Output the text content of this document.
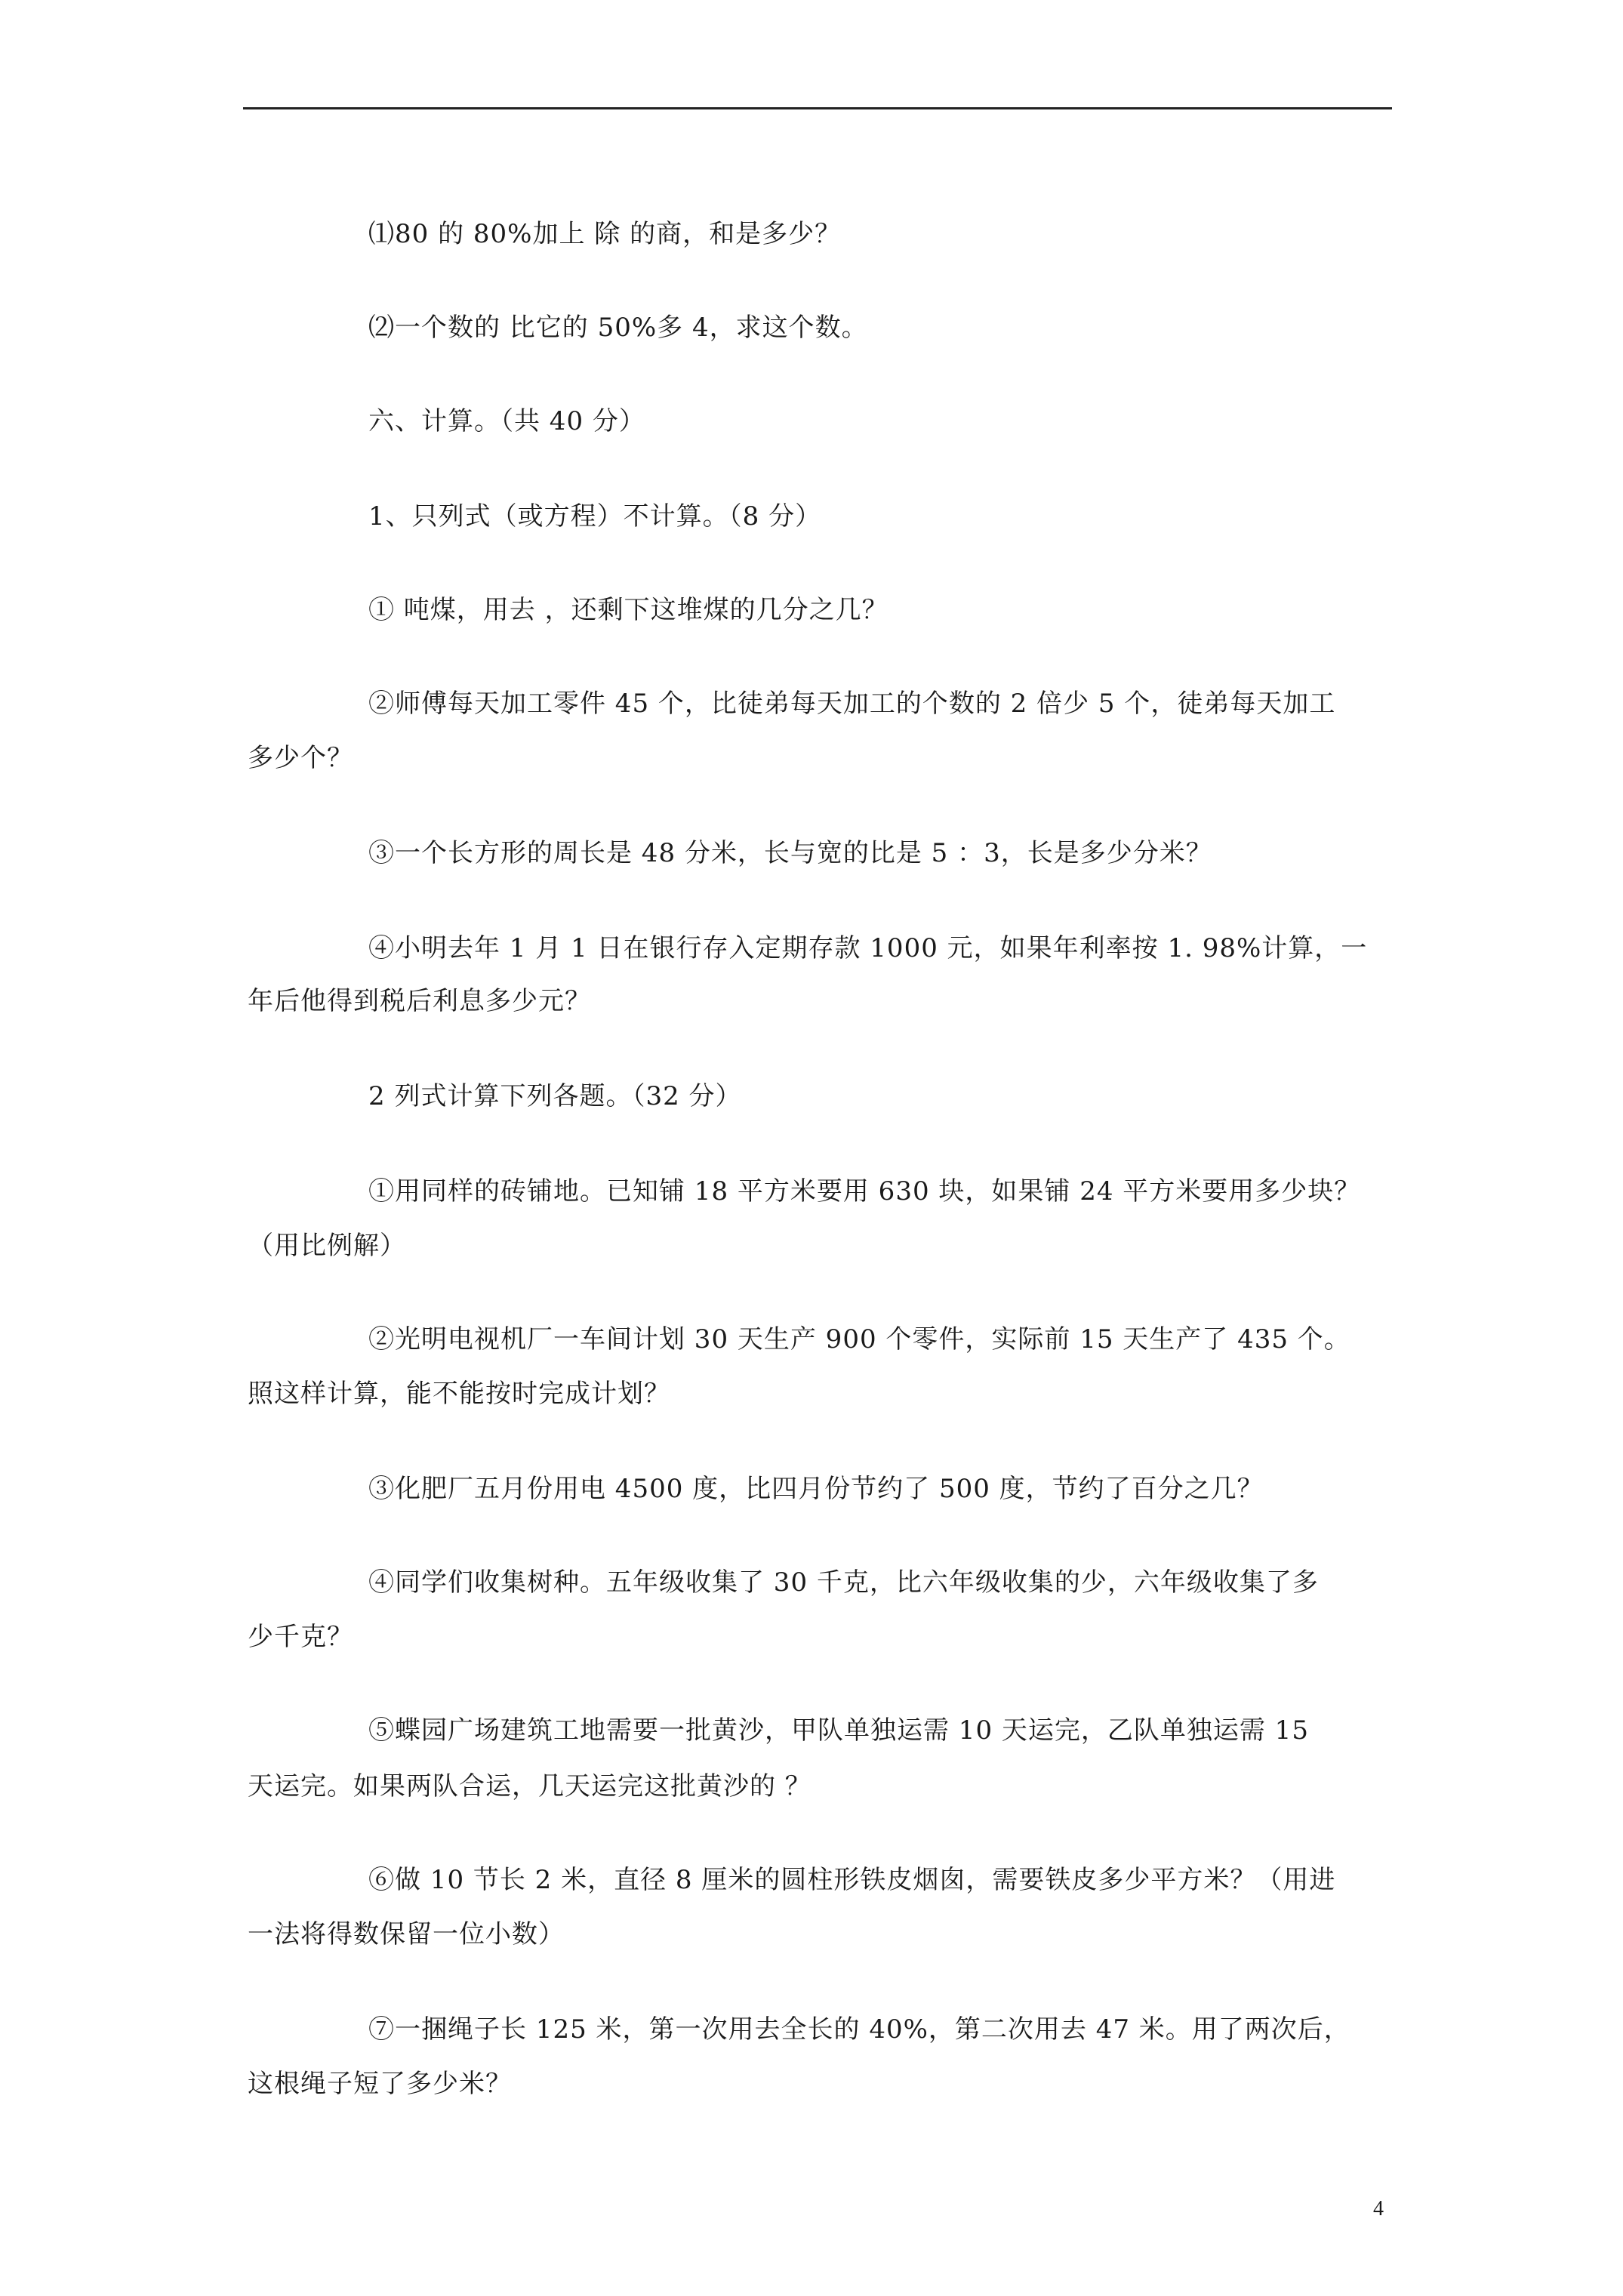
⑴80 的 80%加上 除 的商，和是多少？
⑵一个数的 比它的 50%多 4，求这个数。
六、计算。（共 40 分）
1、只列式（或方程）不计算。（8 分）
① 吨煤，用去 ，还剩下这堆煤的几分之几？
②师傅每天加工零件 45 个，比徒弟每天加工的个数的 2 倍少 5 个，徒弟每天加工
多少个？
③一个长方形的周长是 48 分米，长与宽的比是 5 ：3，长是多少分米？
④小明去年 1 月 1 日在银行存入定期存款 1000 元，如果年利率按 1. 98%计算，一
年后他得到税后利息多少元？
2 列式计算下列各题。（32 分）
①用同样的砖铺地。已知铺 18 平方米要用 630 块，如果铺 24 平方米要用多少块？
（用比例解）
②光明电视机厂一车间计划 30 天生产 900 个零件，实际前 15 天生产了 435 个。
照这样计算，能不能按时完成计划？
③化肥厂五月份用电 4500 度，比四月份节约了 500 度，节约了百分之几？
④同学们收集树种。五年级收集了 30 千克，比六年级收集的少，六年级收集了多
少千克？
⑤蝶园广场建筑工地需要一批黄沙，甲队单独运需 10 天运完，乙队单独运需 15
天运完。如果两队合运，几天运完这批黄沙的 ？
⑥做 10 节长 2 米，直径 8 厘米的圆柱形铁皮烟囱，需要铁皮多少平方米？（用进
一法将得数保留一位小数）
⑦一捆绳子长 125 米，第一次用去全长的 40%，第二次用去 47 米。用了两次后，
这根绳子短了多少米？
4
